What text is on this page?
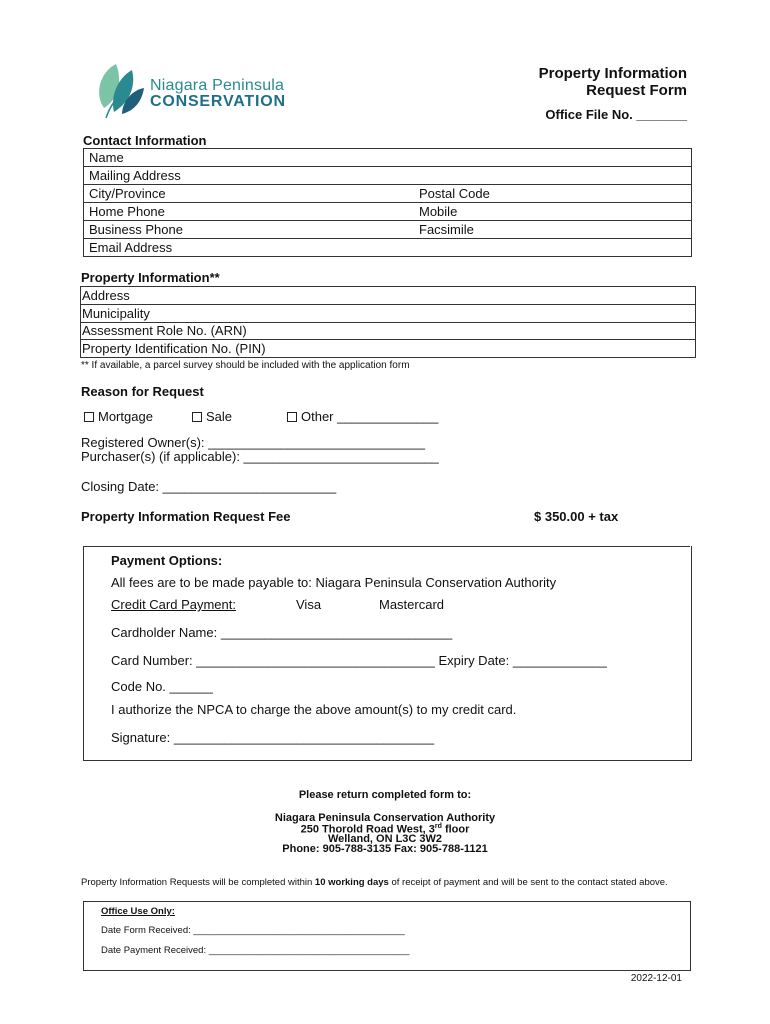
Niagara Peninsula
CONSERVATION
Property Information
Request Form
Office File No. _______
Contact Information
Name
Mailing Address
City/Province	Postal Code
Home Phone	Mobile
Business Phone	Facsimile
Email Address
Property Information**
Address
Municipality
Assessment Role No. (ARN)
Property Identification No. (PIN)
** If available, a parcel survey should be included with the application form
Reason for Request
Mortgage	Sale	Other ______________
Registered Owner(s): ______________________________
Purchaser(s) (if applicable): ___________________________
Closing Date: ________________________
Property Information Request Fee	$ 350.00 + tax
Payment Options:
All fees are to be made payable to: Niagara Peninsula Conservation Authority
Credit Card Payment:	Visa	Mastercard
Cardholder Name: ________________________________
Card Number: _________________________________ Expiry Date: _____________
Code No. ______
I authorize the NPCA to charge the above amount(s) to my credit card.
Signature: ____________________________________
Please return completed form to:
Niagara Peninsula Conservation Authority
250 Thorold Road West, 3rd floor
Welland, ON L3C 3W2
Phone: 905-788-3135 Fax: 905-788-1121
Property Information Requests will be completed within 10 working days of receipt of payment and will be sent to the contact stated above.
Office Use Only:
Date Form Received: ________________________________________
Date Payment Received: ______________________________________
2022-12-01
